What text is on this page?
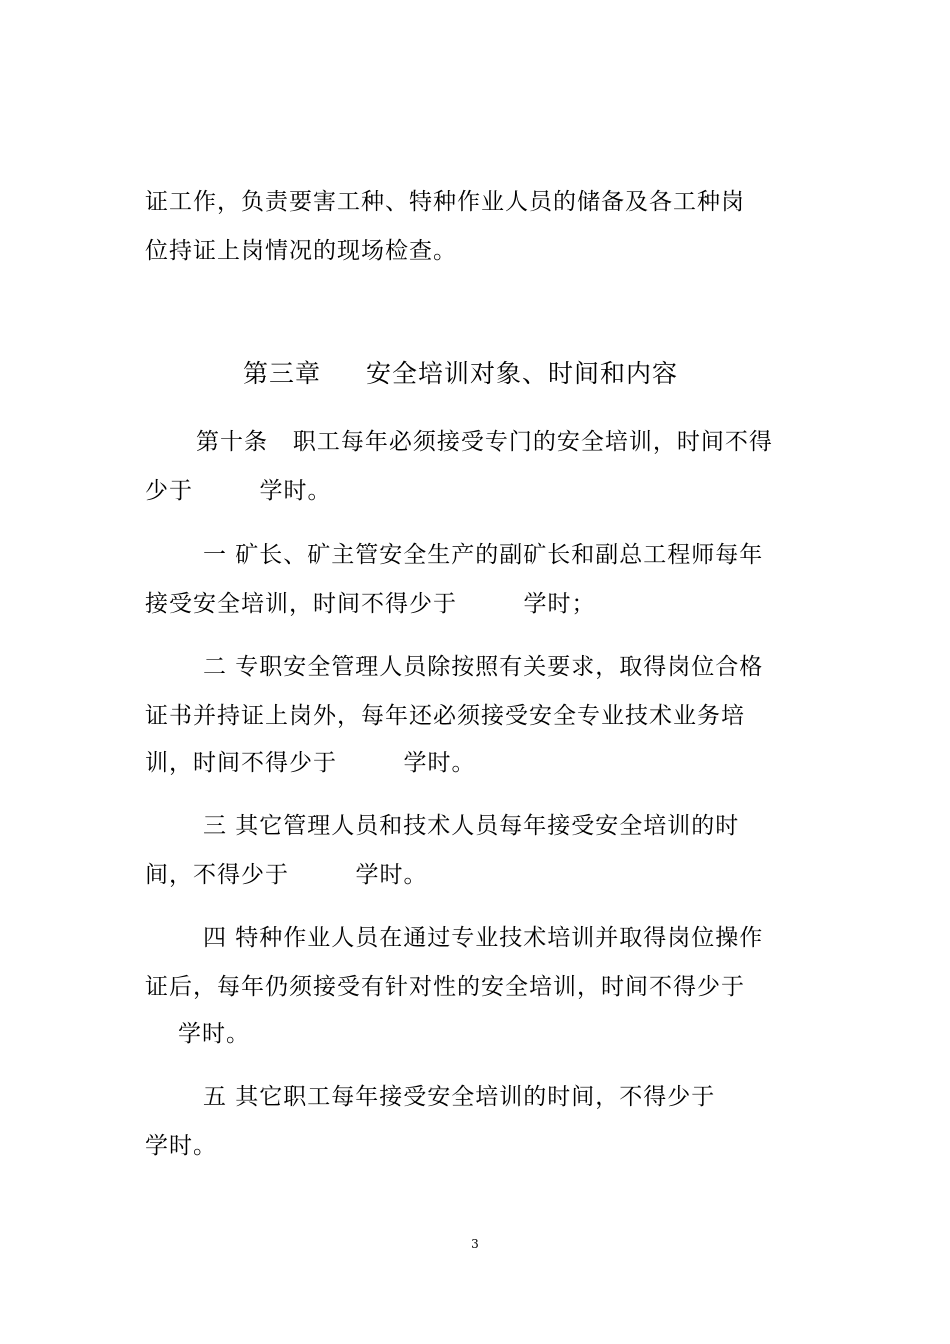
证工作，负责要害工种、特种作业人员的储备及各工种岗
位持证上岗情况的现场检查。
第三章 安全培训对象、时间和内容
第十条   职工每年必须接受专门的安全培训，时间不得
少于        学时。
一 矿长、矿主管安全生产的副矿长和副总工程师每年
接受安全培训，时间不得少于        学时；
二 专职安全管理人员除按照有关要求，取得岗位合格
证书并持证上岗外，每年还必须接受安全专业技术业务培
训，时间不得少于        学时。
三 其它管理人员和技术人员每年接受安全培训的时
间，不得少于        学时。
四 特种作业人员在通过专业技术培训并取得岗位操作
证后，每年仍须接受有针对性的安全培训，时间不得少于
学时。
五 其它职工每年接受安全培训的时间，不得少于
学时。
3
